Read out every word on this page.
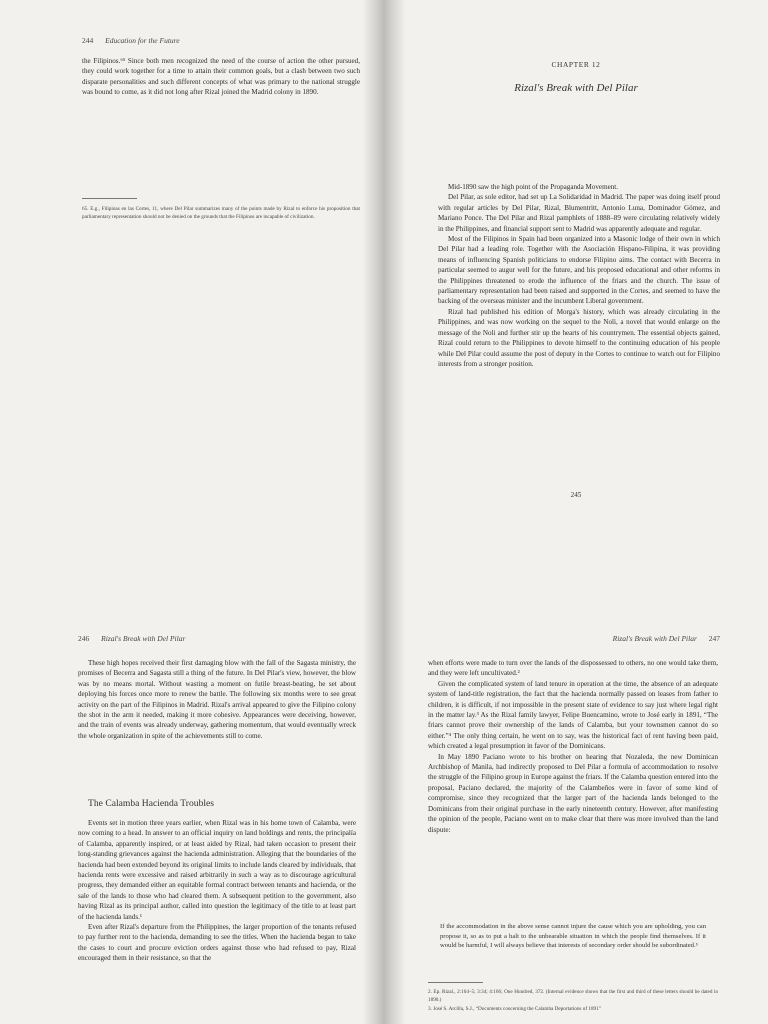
244 Education for the Future

the Filipinos.⁶⁵ Since both men recognized the need of the course of action the other pursued, they could work together for a time to attain their common goals, but a clash between two such disparate personalities and such different concepts of what was primary to the national struggle was bound to come, as it did not long after Rizal joined the Madrid colony in 1890.

65. E.g., Filipinas en las Cortes, 11, where Del Pilar summarizes many of the points made by Rizal to enforce his proposition that parliamentary representation should not be denied on the grounds that the Filipinos are incapable of civilization.

CHAPTER 12
Rizal's Break with Del Pilar

Mid-1890 saw the high point of the Propaganda Movement.

Del Pilar, as sole editor, had set up La Solidaridad in Madrid. The paper was doing itself proud with regular articles by Del Pilar, Rizal, Blumentritt, Antonio Luna, Dominador Gómez, and Mariano Ponce. The Del Pilar and Rizal pamphlets of 1888–89 were circulating relatively widely in the Philippines, and financial support sent to Madrid was apparently adequate and regular.

Most of the Filipinos in Spain had been organized into a Masonic lodge of their own in which Del Pilar had a leading role. Together with the Asociación Hispano-Filipina, it was providing means of influencing Spanish politicians to endorse Filipino aims. The contact with Becerra in particular seemed to augur well for the future, and his proposed educational and other reforms in the Philippines threatened to erode the influence of the friars and the church. The issue of parliamentary representation had been raised and supported in the Cortes, and seemed to have the backing of the overseas minister and the incumbent Liberal government.

Rizal had published his edition of Morga's history, which was already circulating in the Philippines, and was now working on the sequel to the Noli, a novel that would enlarge on the message of the Noli and further stir up the hearts of his countrymen. The essential objects gained, Rizal could return to the Philippines to devote himself to the continuing education of his people while Del Pilar could assume the post of deputy in the Cortes to continue to watch out for Filipino interests from a stronger position.

245
246 Rizal's Break with Del Pilar

These high hopes received their first damaging blow with the fall of the Sagasta ministry, the promises of Becerra and Sagasta still a thing of the future. In Del Pilar's view, however, the blow was by no means mortal. Without wasting a moment on futile breast-beating, he set about deploying his forces once more to renew the battle. The following six months were to see great activity on the part of the Filipinos in Madrid. Rizal's arrival appeared to give the Filipino colony the shot in the arm it needed, making it more cohesive. Appearances were deceiving, however, and the train of events was already underway, gathering momentum, that would eventually wreck the whole organization in spite of the achievements still to come.

The Calamba Hacienda Troubles

Events set in motion three years earlier, when Rizal was in his home town of Calamba, were now coming to a head. In answer to an official inquiry on land holdings and rents, the principalía of Calamba, apparently inspired, or at least aided by Rizal, had taken occasion to present their long-standing grievances against the hacienda administration. Alleging that the boundaries of the hacienda had been extended beyond its original limits to include lands cleared by individuals, that hacienda rents were excessive and raised arbitrarily in such a way as to discourage agricultural progress, they demanded either an equitable formal contract between tenants and hacienda, or the sale of the lands to those who had cleared them. A subsequent petition to the government, also having Rizal as its principal author, called into question the legitimacy of the title to at least part of the hacienda lands.¹

Even after Rizal's departure from the Philippines, the larger proportion of the tenants refused to pay further rent to the hacienda, demanding to see the titles. When the hacienda began to take the cases to court and procure eviction orders against those who had refused to pay, Rizal encouraged them in their resistance, so that the

Rizal's Break with Del Pilar 247

when efforts were made to turn over the lands of the dispossessed to others, no one would take them, and they were left uncultivated.²

Given the complicated system of land tenure in operation at the time, the absence of an adequate system of land-title registration, the fact that the hacienda normally passed on leases from father to children, it is difficult, if not impossible in the present state of evidence to say just where legal right in the matter lay.³ As the Rizal family lawyer, Felipe Buencamino, wrote to José early in 1891, “The friars cannot prove their ownership of the lands of Calamba, but your townsmen cannot do so either.”⁴ The only thing certain, he went on to say, was the historical fact of rent having been paid, which created a legal presumption in favor of the Dominicans.

In May 1890 Paciano wrote to his brother on hearing that Nozaleda, the new Dominican Archbishop of Manila, had indirectly proposed to Del Pilar a formula of accommodation to resolve the struggle of the Filipino group in Europe against the friars. If the Calamba question entered into the proposal, Paciano declared, the majority of the Calambeños were in favor of some kind of compromise, since they recognized that the larger part of the hacienda lands belonged to the Dominicans from their original purchase in the early nineteenth century. However, after manifesting the opinion of the people, Paciano went on to make clear that there was more involved than the land dispute:

If the accommodation in the above sense cannot injure the cause which you are upholding, you can propose it, so as to put a halt to the unbearable situation in which the people find themselves. If it would be harmful, I will always believe that interests of secondary order should be subordinated.⁵

2. Ep. Rizal., 2:104–5; 3:34; 4:166; One Hundred, 372. (Internal evidence shows that the first and third of these letters should be dated in 1890.)

3. José S. Arcilla, S.J., “Documents concerning the Calamba Deportations of 1891”
